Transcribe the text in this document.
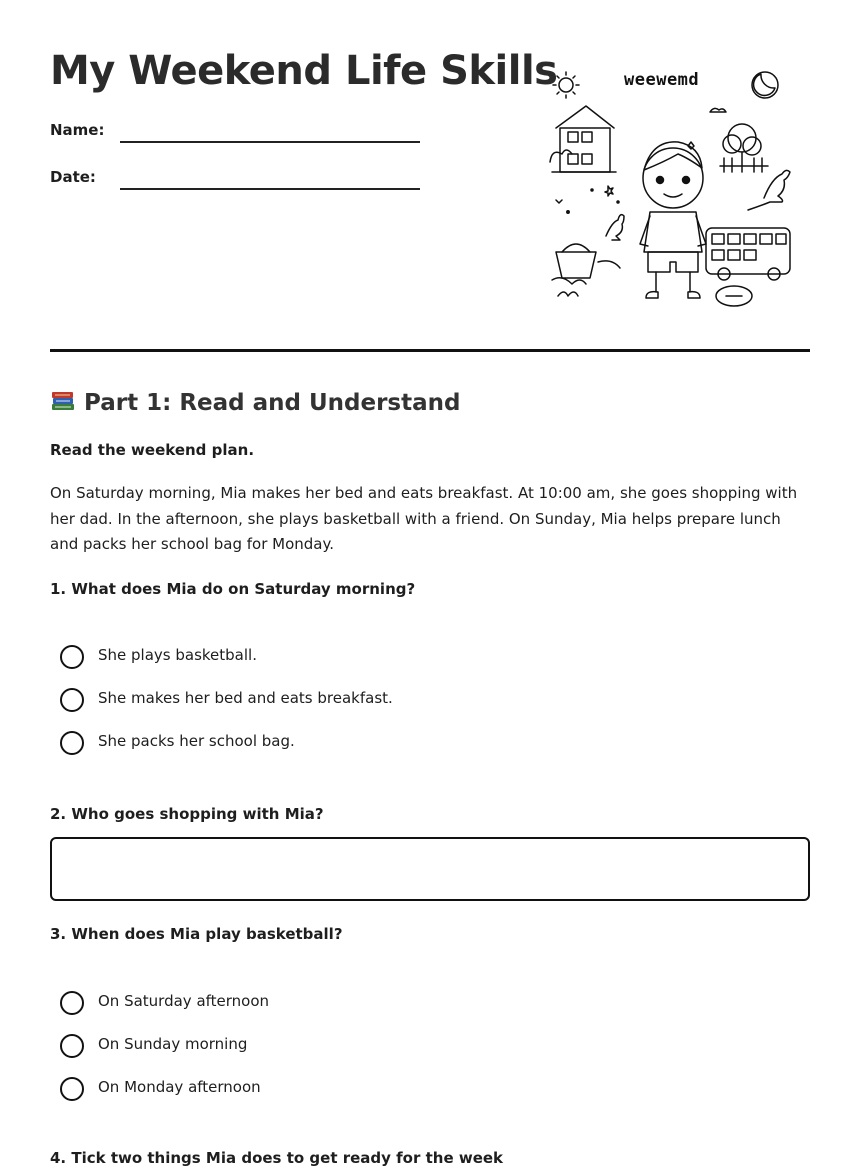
My Weekend Life Skills
Name:
Date:
weewemd
Part 1: Read and Understand
Read the weekend plan.

On Saturday morning, Mia makes her bed and eats breakfast. At 10:00 am, she goes shopping with her dad. In the afternoon, she plays basketball with a friend. On Sunday, Mia helps prepare lunch and packs her school bag for Monday.

1. What does Mia do on Saturday morning?
She plays basketball.
She makes her bed and eats breakfast.
She packs her school bag.
2. Who goes shopping with Mia?
3. When does Mia play basketball?
On Saturday afternoon
On Sunday morning
On Monday afternoon
4. Tick two things Mia does to get ready for the week
